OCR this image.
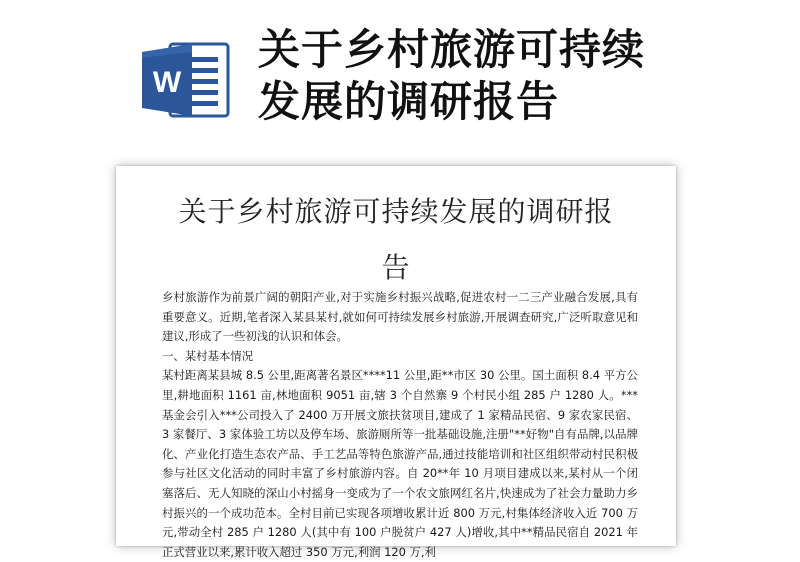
W
关于乡村旅游可持续
发展的调研报告
关于乡村旅游可持续发展的调研报
告

乡村旅游作为前景广阔的朝阳产业,对于实施乡村振兴战略,促进农村一二三产业融合发展,具有重要意义。近期,笔者深入某县某村,就如何可持续发展乡村旅游,开展调查研究,广泛听取意见和建议,形成了一些初浅的认识和体会。

一、某村基本情况

某村距离某县城 8.5 公里,距离著名景区****11 公里,距**市区 30 公里。国土面积 8.4 平方公里,耕地面积 1161 亩,林地面积 9051 亩,辖 3 个自然寨 9 个村民小组 285 户 1280 人。***基金会引入***公司投入了 2400 万开展文旅扶贫项目,建成了 1 家精品民宿、9 家农家民宿、3 家餐厅、3 家体验工坊以及停车场、旅游厕所等一批基础设施,注册"**好物"自有品牌,以品牌化、产业化打造生态农产品、手工艺品等特色旅游产品,通过技能培训和社区组织带动村民积极参与社区文化活动的同时丰富了乡村旅游内容。自 20**年 10 月项目建成以来,某村从一个闭塞落后、无人知晓的深山小村摇身一变成为了一个农文旅网红名片,快速成为了社会力量助力乡村振兴的一个成功范本。全村目前已实现各项增收累计近 800 万元,村集体经济收入近 700 万元,带动全村 285 户 1280 人(其中有 100 户脱贫户 427 人)增收,其中**精品民宿自 2021 年正式营业以来,累计收入超过 350 万元,利润 120 万,利
